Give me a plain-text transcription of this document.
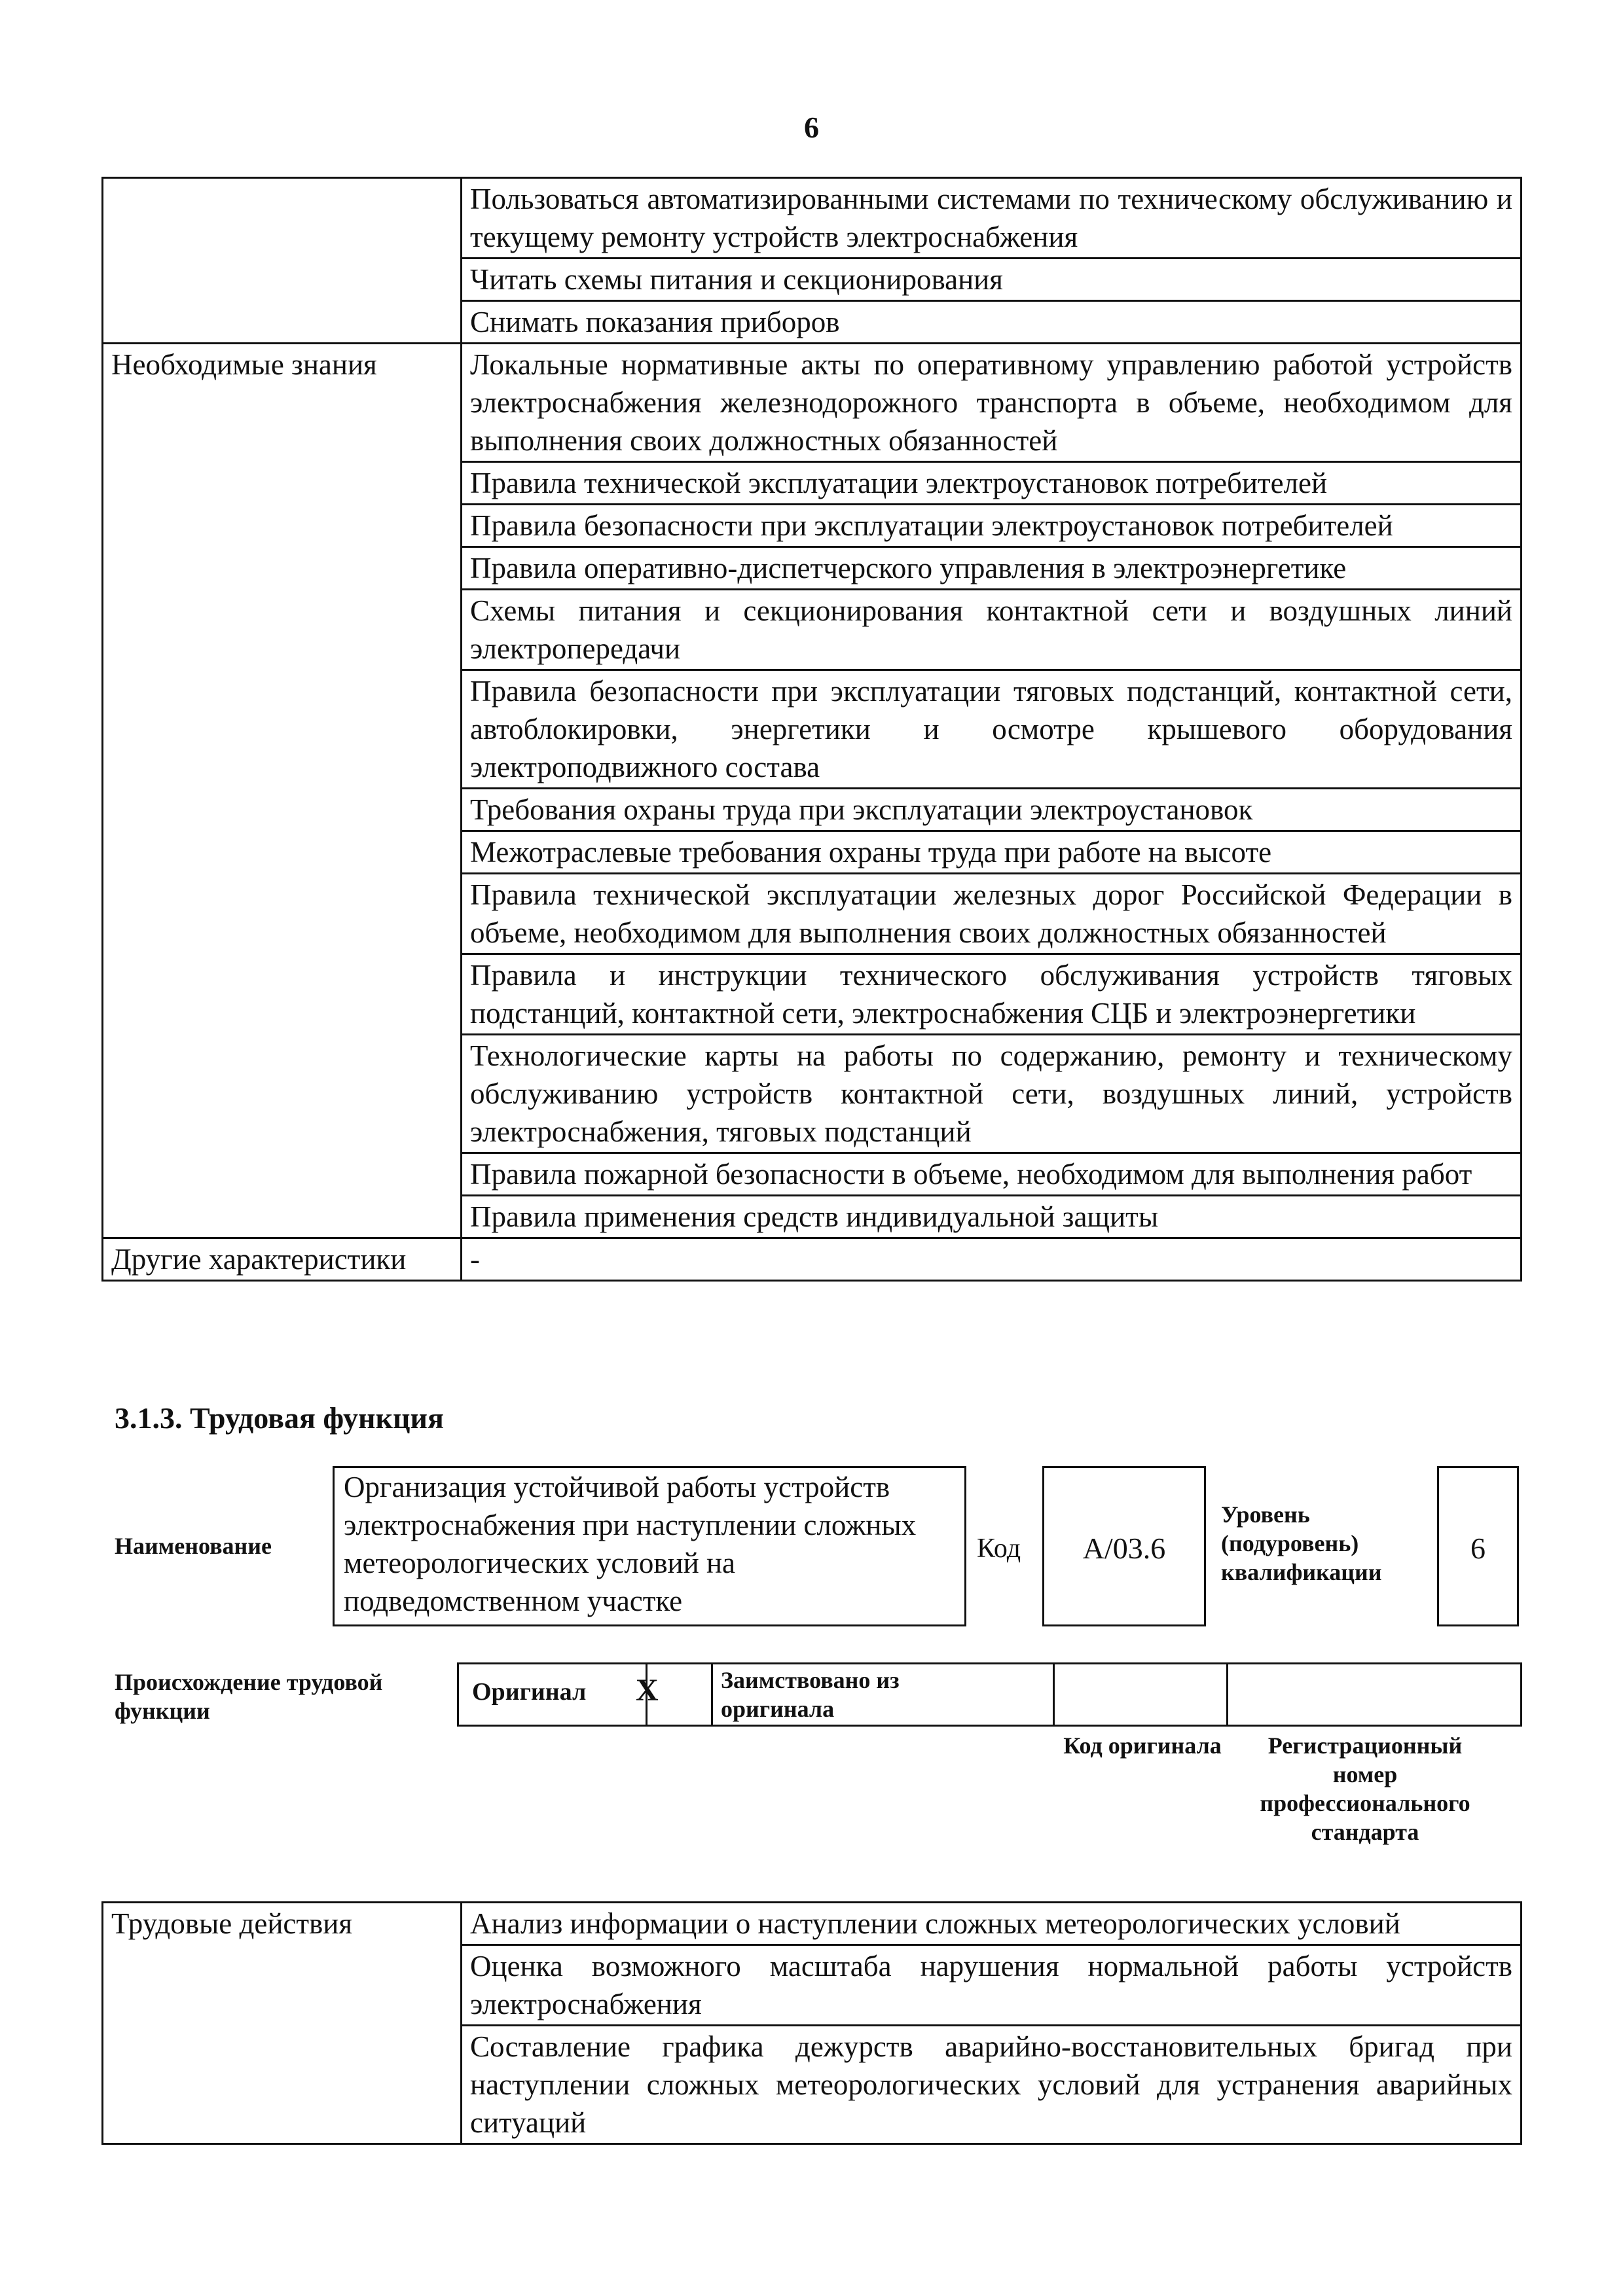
6
	Пользоваться автоматизированными системами по техническому обслуживанию и текущему ремонту устройств электроснабжения
	Читать схемы питания и секционирования
	Снимать показания приборов
Необходимые знания	Локальные нормативные акты по оперативному управлению работой устройств электроснабжения железнодорожного транспорта в объеме, необходимом для выполнения своих должностных обязанностей
	Правила технической эксплуатации электроустановок потребителей
	Правила безопасности при эксплуатации электроустановок потребителей
	Правила оперативно-диспетчерского управления в электроэнергетике
	Схемы питания и секционирования контактной сети и воздушных линий электропередачи
	Правила безопасности при эксплуатации тяговых подстанций, контактной сети, автоблокировки, энергетики и осмотре крышевого оборудования электроподвижного состава
	Требования охраны труда при эксплуатации электроустановок
	Межотраслевые требования охраны труда при работе на высоте
	Правила технической эксплуатации железных дорог Российской Федерации в объеме, необходимом для выполнения своих должностных обязанностей
	Правила и инструкции технического обслуживания устройств тяговых подстанций, контактной сети, электроснабжения СЦБ и электроэнергетики
	Технологические карты на работы по содержанию, ремонту и техническому обслуживанию устройств контактной сети, воздушных линий, устройств электроснабжения, тяговых подстанций
	Правила пожарной безопасности в объеме, необходимом для выполнения работ
	Правила применения средств индивидуальной защиты
Другие характеристики	-
3.1.3. Трудовая функция
Наименование
Организация устойчивой работы устройств электроснабжения при наступлении сложных метеорологических условий на подведомственном участке
Код	А/03.6
Уровень (подуровень) квалификации
6
Происхождение трудовой функции
Оригинал X	Заимствовано из оригинала
Код оригинала	Регистрационный номер профессионального стандарта
Трудовые действия	Анализ информации о наступлении сложных метеорологических условий
Оценка возможного масштаба нарушения нормальной работы устройств электроснабжения
Составление графика дежурств аварийно-восстановительных бригад при наступлении сложных метеорологических условий для устранения аварийных ситуаций
